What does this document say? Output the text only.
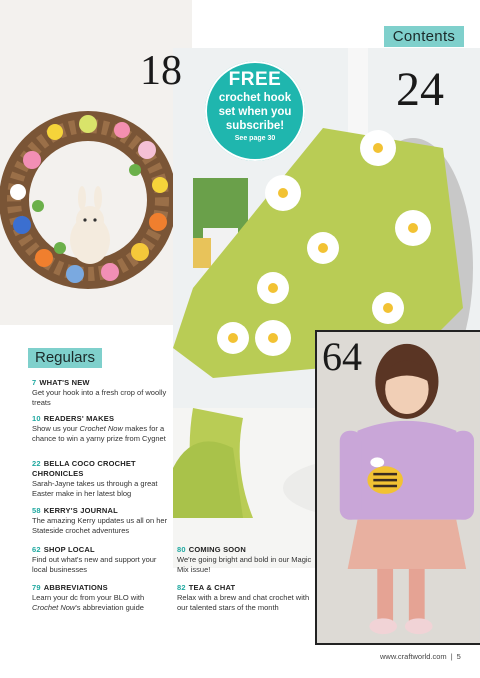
18	24
64
Contents
FREE
crochet hook
set when you
subscribe!
See page 30
Regulars
7 WHAT'S NEW
Get your hook into a fresh crop of woolly treats
10 READERS' MAKES
Show us your Crochet Now makes for a chance to win a yarny prize from Cygnet
22 BELLA COCO CROCHET
CHRONICLES
Sarah-Jayne takes us through a great Easter make in her latest blog
58 KERRY'S JOURNAL
The amazing Kerry updates us all on her Stateside crochet adventures
62 SHOP LOCAL
Find out what's new and support your local businesses
79 ABBREVIATIONS
Learn your dc from your BLO with Crochet Now's abbreviation guide
80 COMING SOON
We're going bright and bold in our Magic Mix issue!
82 TEA & CHAT
Relax with a brew and chat crochet with our talented stars of the month
www.craftworld.com | 5
